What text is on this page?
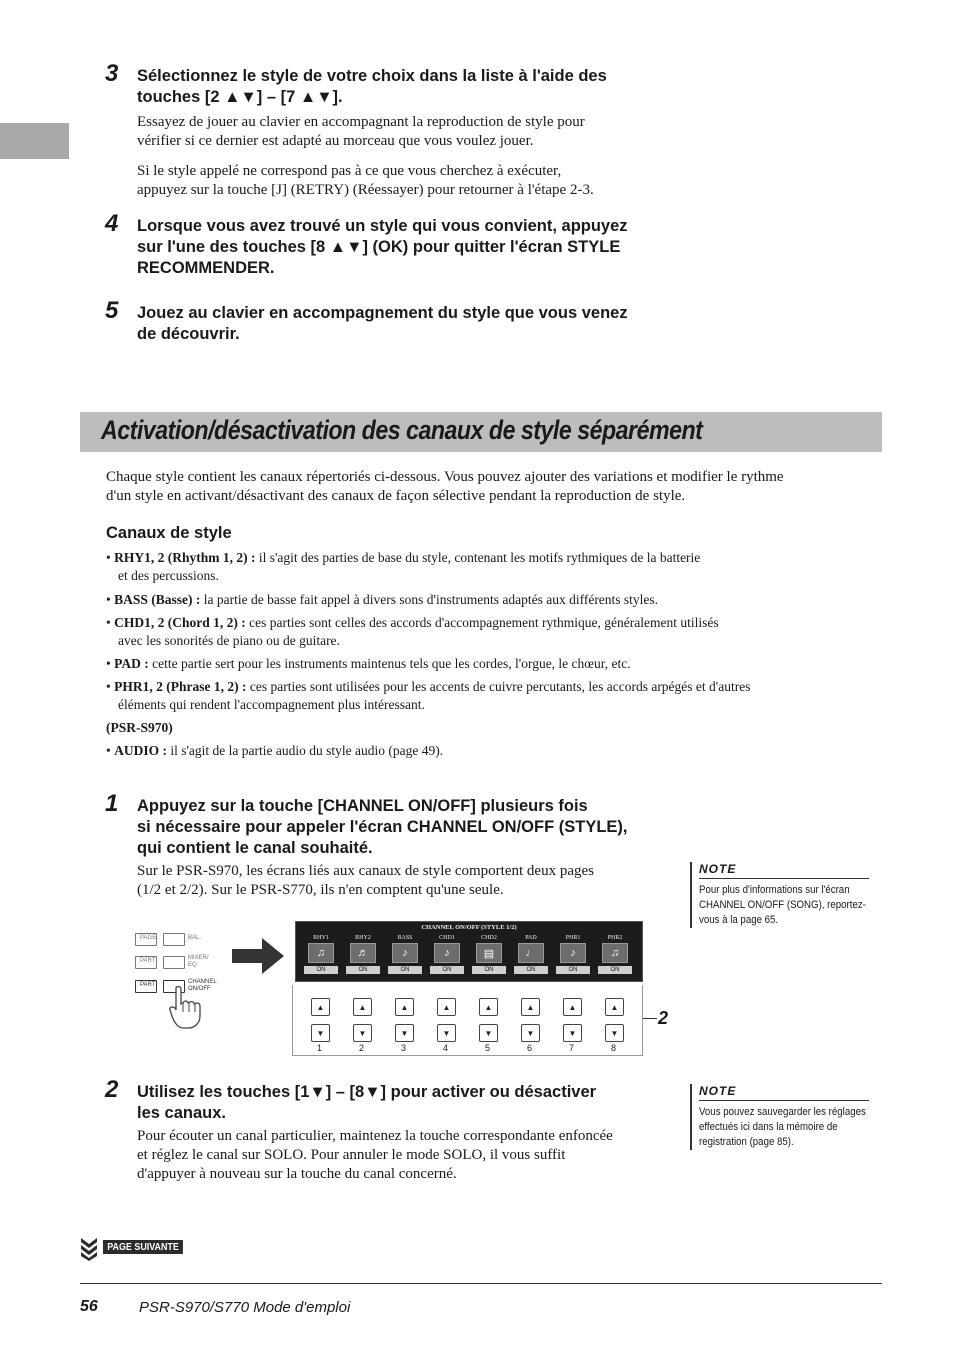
3 Sélectionnez le style de votre choix dans la liste à l'aide des
touches [2 ▲▼] – [7 ▲▼].
Essayez de jouer au clavier en accompagnant la reproduction de style pour
vérifier si ce dernier est adapté au morceau que vous voulez jouer.
Si le style appelé ne correspond pas à ce que vous cherchez à exécuter,
appuyez sur la touche [J] (RETRY) (Réessayer) pour retourner à l'étape 2-3.
4 Lorsque vous avez trouvé un style qui vous convient, appuyez
sur l'une des touches [8 ▲▼] (OK) pour quitter l'écran STYLE
RECOMMENDER.
5 Jouez au clavier en accompagnement du style que vous venez
de découvrir.
Activation/désactivation des canaux de style séparément
Chaque style contient les canaux répertoriés ci-dessous. Vous pouvez ajouter des variations et modifier le rythme
d'un style en activant/désactivant des canaux de façon sélective pendant la reproduction de style.
Canaux de style
• RHY1, 2 (Rhythm 1, 2) : il s'agit des parties de base du style, contenant les motifs rythmiques de la batterie
et des percussions.
• BASS (Basse) : la partie de basse fait appel à divers sons d'instruments adaptés aux différents styles.
• CHD1, 2 (Chord 1, 2) : ces parties sont celles des accords d'accompagnement rythmique, généralement utilisés
avec les sonorités de piano ou de guitare.
• PAD : cette partie sert pour les instruments maintenus tels que les cordes, l'orgue, le chœur, etc.
• PHR1, 2 (Phrase 1, 2) : ces parties sont utilisées pour les accents de cuivre percutants, les accords arpégés et d'autres
éléments qui rendent l'accompagnement plus intéressant.
(PSR-S970)
• AUDIO : il s'agit de la partie audio du style audio (page 49).
1 Appuyez sur la touche [CHANNEL ON/OFF] plusieurs fois
si nécessaire pour appeler l'écran CHANNEL ON/OFF (STYLE),
qui contient le canal souhaité.
Sur le PSR-S970, les écrans liés aux canaux de style comportent deux pages
(1/2 et 2/2). Sur le PSR-S770, ils n'en comptent qu'une seule.
NOTE
Pour plus d'informations sur l'écran
CHANNEL ON/OFF (SONG), reportez-
vous à la page 65.
PAGE	BAL.
PART	MIXER/ EQ
PART	CHANNEL ON/OFF
CHANNEL ON/OFF (STYLE 1/2)
RHY1
♫
ON
RHY2
♬
ON
BASS
♪
ON
CHD1
♪
ON
CHD2
▤
ON
PAD
♩
ON
PHR1
♪
ON
PHR2
♫
ON
▲	▲	▲	▲	▲	▲	▲	▲
▼	▼	▼	▼	▼	▼	▼	▼
1	2	3	4	5	6	7	8
2
2 Utilisez les touches [1▼] – [8▼] pour activer ou désactiver
les canaux.
Pour écouter un canal particulier, maintenez la touche correspondante enfoncée
et réglez le canal sur SOLO. Pour annuler le mode SOLO, il vous suffit
d'appuyer à nouveau sur la touche du canal concerné.
NOTE
Vous pouvez sauvegarder les réglages
effectués ici dans la mémoire de
registration (page 85).
PAGE SUIVANTE
56	PSR-S970/S770 Mode d'emploi
